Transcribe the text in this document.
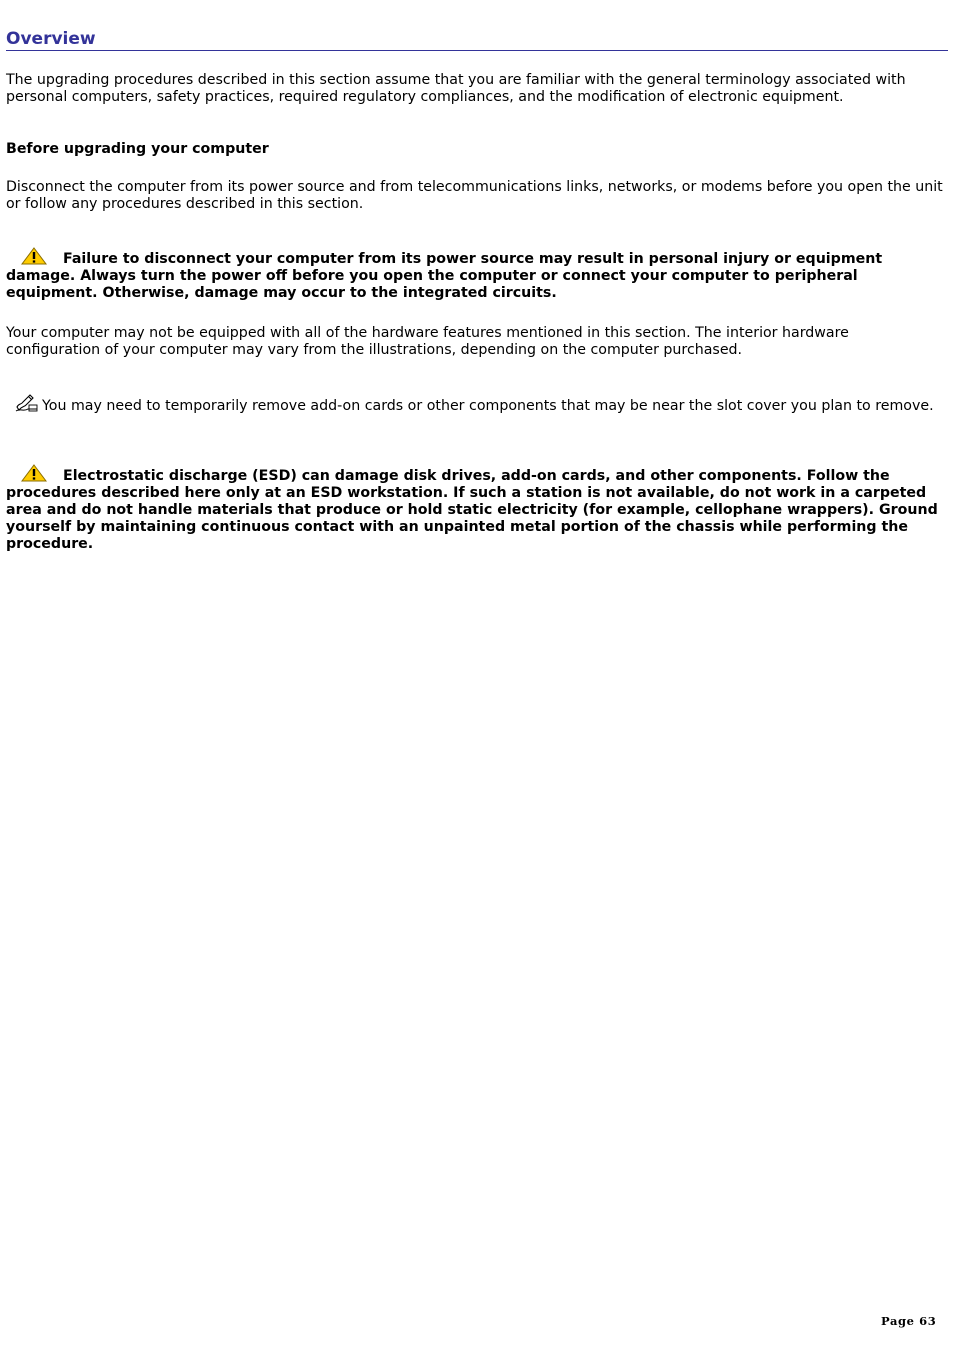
Overview

The upgrading procedures described in this section assume that you are familiar with the general terminology associated with personal computers, safety practices, required regulatory compliances, and the modification of electronic equipment.

Before upgrading your computer

Disconnect the computer from its power source and from telecommunications links, networks, or modems before you open the unit or follow any procedures described in this section.

Failure to disconnect your computer from its power source may result in personal injury or equipment damage. Always turn the power off before you open the computer or connect your computer to peripheral equipment. Otherwise, damage may occur to the integrated circuits.

Your computer may not be equipped with all of the hardware features mentioned in this section. The interior hardware configuration of your computer may vary from the illustrations, depending on the computer purchased.

You may need to temporarily remove add-on cards or other components that may be near the slot cover you plan to remove.

Electrostatic discharge (ESD) can damage disk drives, add-on cards, and other components. Follow the procedures described here only at an ESD workstation. If such a station is not available, do not work in a carpeted area and do not handle materials that produce or hold static electricity (for example, cellophane wrappers). Ground yourself by maintaining continuous contact with an unpainted metal portion of the chassis while performing the procedure.

Page 63
